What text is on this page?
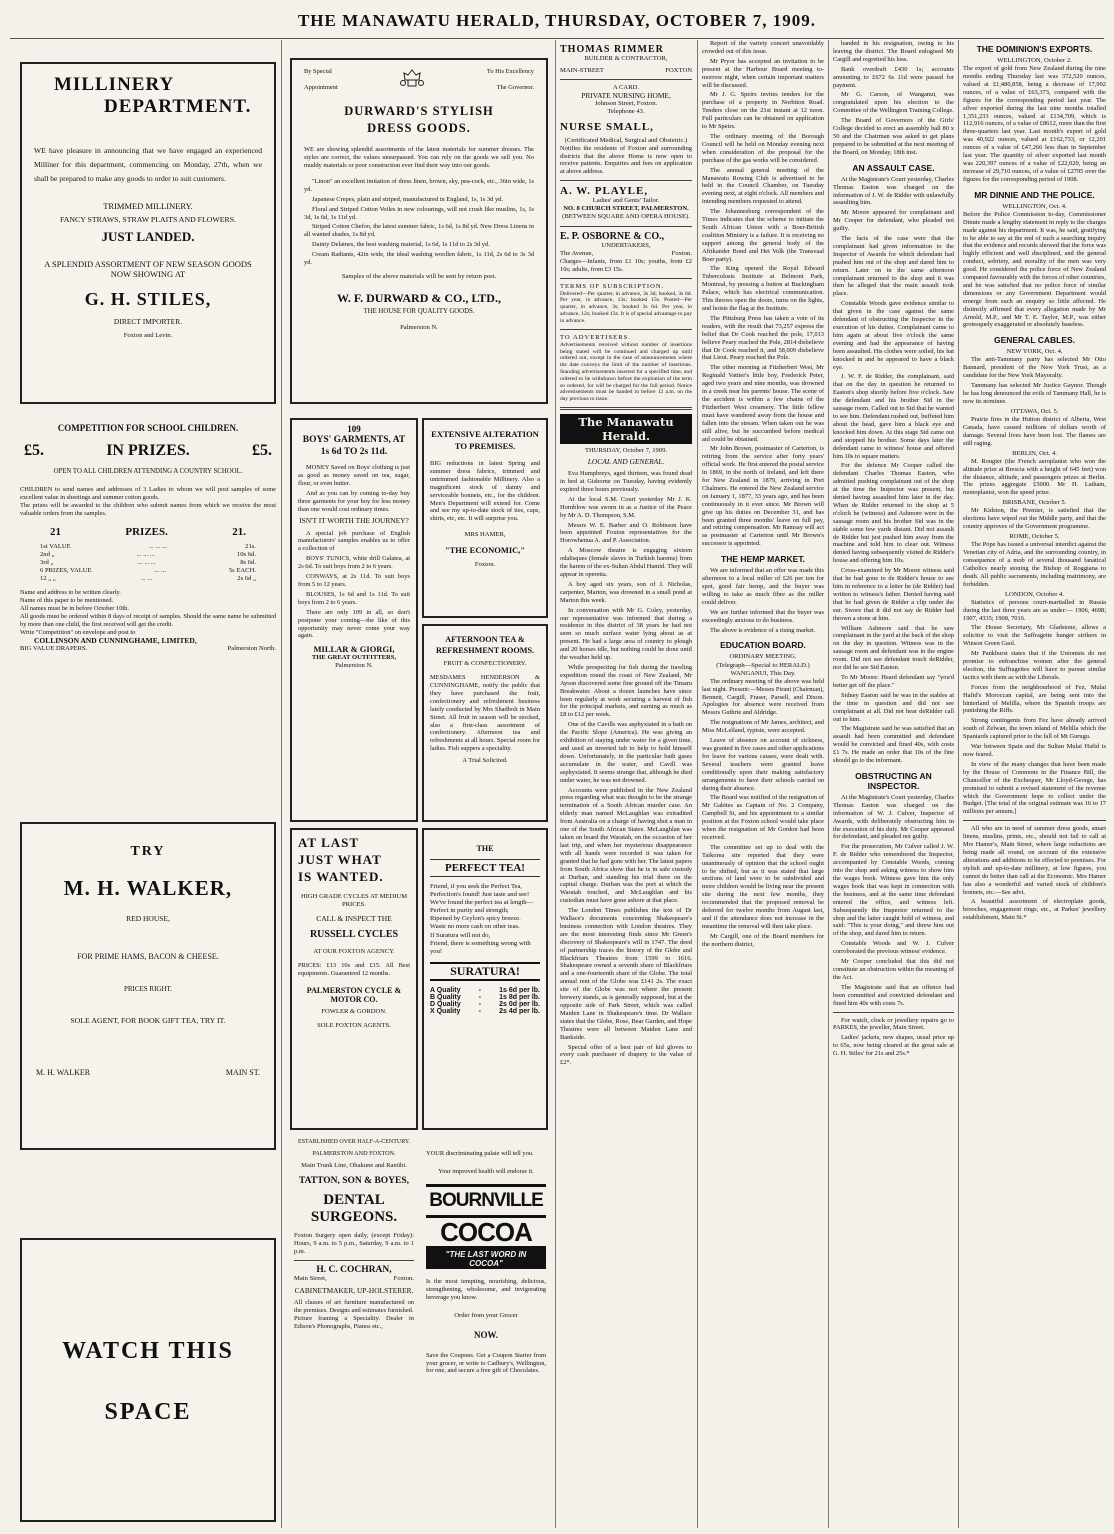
THE MANAWATU HERALD, THURSDAY, OCTOBER 7, 1909.
MILLINERY
DEPARTMENT.
WE have pleasure in announcing that we have engaged an experienced Milliner for this department, commencing on Monday, 27th, when we shall be prepared to make any goods to order to suit customers.
TRIMMED MILLINERY.
FANCY STRAWS, STRAW PLAITS AND FLOWERS.
JUST LANDED.
A SPLENDID ASSORTMENT OF NEW SEASON GOODS NOW SHOWING AT
G. H. STILES,
DIRECT IMPORTER.
Foxton and Levin.
COMPETITION FOR SCHOOL CHILDREN.
£5.	IN PRIZES.	£5.
OPEN TO ALL CHILDREN ATTENDING A COUNTRY SCHOOL.
CHILDREN to send names and addresses of 3 Ladies to whom we will post samples of some excellent value in sheetings and summer cotton goods.
The prizes will be awarded to the children who submit names from which we receive the most valuable orders from the samples.
21	PRIZES.	21.
1st VALUE	... ... ...	21s.
2nd „	... ... ...	10s 6d.
3rd „	... ... ...	8s 6d.
6 PRIZES, VALUE	... ...	5s EACH.
12 „ „	... ...	2s 6d „
Name and address to be written clearly.
Name of this paper to be mentioned.
All names must be in before October 10th.
All goods must be ordered within 8 days of receipt of samples. Should the same name be submitted by more than one child, the first received will get the credit.
Write "Competition" on envelope and post to
COLLINSON AND CUNNINGHAME, LIMITED,
BIG VALUE DRAPERS.	Palmerston North.
TRY
M. H. WALKER,
RED HOUSE,
FOR PRIME HAMS, BACON & CHEESE.
PRICES RIGHT.
SOLE AGENT, FOR BOOK GIFT TEA, TRY IT.
M. H. WALKER	MAIN ST.
WATCH THIS
SPACE
By Special
Appointment
To His Excellency
The Governor.
DURWARD'S STYLISH
DRESS GOODS.
WE are showing splendid assortments of the latest materials for summer dresses. The styles are correct, the values unsurpassed. You can rely on the goods we sell you. No muddy materials or poor construction ever find their way into our goods.

"Linon" an excellent imitation of dress linen, brown, sky, pea-cock, etc., 36in wide, 1s yd.

Japanese Crepes, plain and striped, manufactured in England, 1s, 1s 3d yd.

Floral and Striped Cotton Voiles in new colourings, will not crush like muslins, 1s, 1s 3d, 1s 6d, 1s 11d yd.

Striped Cotton Chefoo, the latest summer fabric, 1s 6d, 1s 8d yd. New Dress Linens in all wanted shades, 1s 8d yd.

Dainty Delaines, the best washing material, 1s 6d, 1s 11d to 2s 3d yd.

Cream Radiants, 42in wide, the ideal washing woollen fabric, 1s 11d, 2s 6d to 3s 3d yd.

Samples of the above materials will be sent by return post.
W. F. DURWARD & CO., LTD.,
THE HOUSE FOR QUALITY GOODS.
Palmerston N.
109
BOYS' GARMENTS, AT 1s 6d TO 2s 11d.

MONEY Saved on Boys' clothing is just as good as money saved on tea, sugar, flour, or even butter.

And as you can by coming to-day buy three garments for your boy for less money than one would cost ordinary times.

ISN'T IT WORTH THE JOURNEY?

A special job purchase of English manufacturers' samples enables us to offer a collection of

BOYS' TUNICS, white drill Galatea, at 2s 6d. To suit boys from 2 to 6 years.

CONWAYS, at 2s 11d. To suit boys from 5 to 12 years.

BLOUSES, 1s 6d and 1s 11d. To suit boys from 2 to 6 years.

There are only 109 in all, so don't postpone your coming—the like of this opportunity may never come your way again.

MILLAR & GIORGI,
THE GREAT OUTFITTERS,
Palmerston N.
EXTENSIVE ALTERATION TO PREMISES.
BIG reductions in latest Spring and summer dress fabrics, trimmed and untrimmed fashionable Millinery. Also a magnificent stock of dainty and serviceable bonnets, etc., for the children. Men's Department will extend for. Come and see my up-to-date stock of ties, caps, shirts, etc, etc. It will surprise you.
MRS HAMER,
"THE ECONOMIC,"
Foxton.
AFTERNOON TEA & REFRESHMENT ROOMS.
FRUIT & CONFECTIONERY.
MESDAMES HENDERSON & CUNNINGHAME, notify the public that they have purchased the fruit, confectionery and refreshment business lately conducted by Mrs Shadbolt in Main Street. All fruit in season will be stocked, also a first-class assortment of confectionery. Afternoon tea and refreshments at all hours. Special room for ladies. Fish suppers a speciality.
A Trial Solicited.
AT LAST
JUST WHAT
IS WANTED.
HIGH GRADE CYCLES AT MEDIUM PRICES.
CALL & INSPECT THE
RUSSELL CYCLES
AT OUR FOXTON AGENCY.
PRICES: £13 10s and £15. All Best equipments. Guaranteed 12 months.
PALMERSTON CYCLE & MOTOR CO.
FOWLER & GORDON.
SOLE FOXTON AGENTS.
THE
PERFECT TEA!
Friend, if you seek the Perfect Tea,
Perfection's found! Just taste and see!
We've found the perfect tea at length—
Perfect in purity and strength;
Ripened by Ceylon's spicy breeze.
Waste no more cash on other teas.
If Suratura will not do,
Friend, there is something wrong with you!
SURATURA!
A Quality	-	1s 6d per lb.
B Quality	-	1s 8d per lb.
D Quality	-	2s 0d per lb.
X Quality	-	2s 4d per lb.
ESTABLISHED OVER HALF-A-CENTURY.
PALMERSTON AND FOXTON.
Main Trunk Line, Ohakune and Raetihi.
TATTON, SON & BOYES,
DENTAL
SURGEONS.
Foxton Surgery open daily, (except Friday): Hours, 9 a.m. to 5 p.m., Saturday, 9 a.m. to 1 p.m.
H. C. COCHRAN,
Main Street,	Foxton.
CABINETMAKER, UP-HOLSTERER.
All classes of art furniture manufactured on the premises. Designs and estimates furnished.
Picture framing a Speciality. Dealer in Edison's Phonographs, Pianos etc.,
YOUR discriminating palate will tell you.
Your improved health will endorse it.
BOURNVILLE
COCOA
"THE LAST WORD IN COCOA"
Is the most tempting, nourishing, delicious, strengthening, wholesome, and invigorating beverage you know.
Order from your Grocer
NOW.
Save the Coupons. Get a Coupon Starter from your grocer, or write to Cadbury's, Wellington, for one, and secure a free gift of Chocolates.
THOMAS RIMMER
BUILDER & CONTRACTOR,
MAIN-STREET	FOXTON
A CARD.
PRIVATE NURSING HOME,
Johnson Street, Foxton.
Telephone 43.
NURSE SMALL,
(Certificated Medical, Surgical and Obstetric.)
Notifies the residents of Foxton and surrounding districts that the above Home is now open to receive patients. Enquiries and fees on application at above address.
A. W. PLAYLE,
Ladies' and Gents' Tailor.
NO. 8 CHURCH STREET, PALMERSTON.
(BETWEEN SQUARE AND OPERA HOUSE).
E. P. OSBORNE & CO.,
UNDERTAKERS,
The Avenue,	Foxton.
Charges—Infants, from £1 10s; youths, from £2 10s; adults, from £3 15s.
TERMS OF SUBSCRIPTION.
Delivered—Per quarter, in advance, 3s 3d; booked, 3s 6d. Per year, in advance, 13s; booked 15s. Posted—Per quarter, in advance, 3s; booked 3s 6d. Per year, in advance, 12s; booked 13s. It is of special advantage to pay in advance.
TO ADVERTISERS.
Advertisements received without number of insertions being stated will be continued and charged up until ordered out, except in the case of announcements where the date conveys the limit of the number of insertions. Standing advertisements inserted for a specified time, and ordered to be withdrawn before the expiration of the term so ordered, for will be charged for the full period. Notice advertisements must be handed in before 12 a.m. on the day previous to issue.
The Manawatu Herald.
THURSDAY, October 7, 1909.
LOCAL AND GENERAL.

Eva Humphreys, aged thirteen, was found dead in bed at Gisborne on Tuesday, having evidently expired three hours previously.

At the local S.M. Court yesterday Mr J. K. Hornblow was sworn in as a Justice of the Peace by Mr A. D. Thompson, S.M.

Messrs W. E. Barber and O. Robinson have been appointed Foxton representatives for the Horowhenua A. and P. Association.

A Moscow theatre is engaging sixteen odalisques (female slaves in Turkish harems) from the harem of the ex-Sultan Abdul Hamid. They will appear in operetta.

A boy aged six years, son of J. Nicholas, carpenter, Marton, was drowned in a small pond at Marton this week.

In conversation with Mr G. Coley, yesterday, our representative was informed that during a residence in this district of 38 years he had not seen so much surface water lying about as at present. He had a large area of country to plough and 20 horses idle, but nothing could be done until the weather held up.

While prospecting for fish during the trawling expedition round the coast of New Zealand, Mr Ayson discovered some fine ground off the Timaru Breakwater. About a dozen launches have since been regularly at work securing a harvest of fish for the principal markets, and earning as much as £8 to £12 per week.

One of the Cavills was asphyxiated in a bath on the Pacific Slope (America). He was giving an exhibition of staying under water for a given time, and used an inverted tub to help to hold himself down. Unfortunately, in the particular bath gases accumulate in the water, and Cavill was asphyxiated. It seems strange that, although he died under water, he was not drowned.

Accounts were published in the New Zealand press regarding what was thought to be the strange termination of a South African murder case. An elderly man named McLaughlan was extradited from Australia on a charge of having shot a man in one of the South African States. McLaughlan was taken on board the Waratah, on the occasion of her last trip, and when her mysterious disappearance with all hands were recorded it was taken for granted that he had gone with her. The latest papers from South Africa show that he is in safe custody at Durban, and standing his trial there on the capital charge. Durban was the port at which the Waratah touched, and McLaughlan and his custodian must have gone ashore at that place.

The London Times publishes the text of Dr Wallace's documents concerning Shakespeare's business connection with London theatres. They are the most interesting finds since Mr Green's discovery of Shakespeare's will in 1747. The deed of partnership traces the history of the Globe and Blackfriars Theatres from 1599 to 1616. Shakespeare owned a seventh share of Blackfriars and a one-fourteenth share of the Globe. The total annual rent of the Globe was £141 2s. The exact site of the Globe was not where the present brewery stands, as is generally supposed, but at the opposite side of Park Street, which was called Maiden Lane in Shakespeare's time. Dr Wallace states that the Globe, Rose, Bear Garden, and Hope Theatres were all between Maiden Lane and Bankside.

Special offer of a best pair of kid gloves to every cash purchaser of drapery to the value of £2*.

Report of the variety concert unavoidably crowded out of this issue.

Mr Pryor has accepted an invitation to be present at the Harbour Board meeting to-morrow night, when certain important matters will be discussed.

Mr J. G. Speirs invites tenders for the purchase of a property in Norbiton Road. Tenders close on the 21st instant at 12 noon. Full particulars can be obtained on application to Mr Speirs.

The ordinary meeting of the Borough Council will be held on Monday evening next when consideration of the proposal for the purchase of the gas works will be considered.

The annual general meeting of the Manawatu Rowing Club is advertised to be held in the Council Chamber, on Tuesday evening next, at eight o'clock. All members and intending members requested to attend.

The Johannesburg correspondent of the Times indicates that the scheme to initiate the South African Union with a Boer-British coalition Ministry is a failure. It is receiving no support among the general body of the Afrikander Bond and Het Volk (the Transvaal Boer party).

The King opened the Royal Edward Tuberculosis Institute at Belmont Park, Montreal, by pressing a button at Buckingham Palace, which has electrical communication. This throws open the doors, turns on the lights, and hoists the flag at the Institute.

The Pittsburg Press has taken a vote of its readers, with the result that 73,257 express the belief that Dr Cook reached the pole, 17,013 believe Peary reached the Pole, 2814 disbelieve that Dr Cook reached it, and 58,009 disbelieve that Lieut. Peary reached the Pole.

The other morning at Fitzherbert West, Mr Reginald Vattier's little boy, Frederick Peter, aged two years and nine months, was drowned in a creek near his parents' house. The scene of the accident is within a few chains of the Fitzherbert West creamery. The little fellow must have wandered away from the house and fallen into the stream. When taken out he was still alive, but he succumbed before medical aid could be obtained.

Mr John Brown, postmaster of Carterton, is retiring from the service after forty years' official work. He first entered the postal service in 1869, in the north of Ireland, and left there for New Zealand in 1879, arriving in Port Chalmers. He entered the New Zealand service on January 1, 1877, 33 years ago, and has been continuously in it ever since. Mr Brown will give up his duties on December 31, and has been granted three months' leave on full pay, and retiring compensation. Mr Ramsay will act as postmaster at Carterton until Mr Brown's successor is appointed.

THE HEMP MARKET.

We are informed that an offer was made this afternoon to a local miller of £26 per ton for spot, good fair hemp, and the buyer was willing to take as much fibre as the miller could deliver.

We are further informed that the buyer was exceedingly anxious to do business.

The above is evidence of a rising market.

EDUCATION BOARD.
ORDINARY MEETING.
(Telegraph—Special to HERALD.) WANGANUI, This Day.

The ordinary meeting of the above was held last night. Present:—Messrs Pirani (Chairman), Bennett, Cargill, Fraser, Parsell, and Dixon. Apologies for absence were received from Messrs Guthrie and Aldridge.

The resignations of Mr James, architect, and Miss McLelland, typiste, were accepted.

Leave of absence on account of sickness, was granted in five cases and other applications for leave for various causes, were dealt with. Several teachers were granted leave conditionally upon their making satisfactory arrangements to have their schools carried on during their absence.

The Board was notified of the resignation of Mr Gabites as Captain of No. 2 Company, Campbell St, and his appointment to a similar position at the Foxton school would take place when the resignation of Mr Gordon had been received.

The committee set up to deal with the Taikorea site reported that they were unanimously of opinion that the school ought to be shifted, but as it was stated that large sections of land were to be subdivided and more children would be living near the present site during the next few months, they recommended that the proposed removal be deferred for twelve months from August last, and if the attendance does not increase in the meantime the removal will then take place.

Mr Cargill, one of the Board members for the northern district,

handed in his resignation, owing to his leaving the district. The Board eulogised Mr Cargill and regretted his loss.

Bank overdraft £430 1s; accounts amounting to £672 6s 11d were passed for payment.

Mr G. Carson, of Wanganui, was congratulated upon his election to the Committee of the Wellington Training College.

The Board of Governors of the Girls' College decided to erect an assembly hall 80 x 50 and the Chairman was asked to get plans prepared to be submitted at the next meeting of the Board, on Monday, 18th inst.

AN ASSAULT CASE.

At the Magistrate's Court yesterday, Charles Thomas Easton was charged on the information of J. W. de Ridder with unlawfully assaulting him.

Mr Moore appeared for complainant and Mr Cooper for defendant, who pleaded not guilty.

The facts of the case were that the complainant had given information to the Inspector of Awards for which defendant had pushed him out of the shop and dared him to return. Later on in the same afternoon complainant returned to the shop and it was then he alleged that the main assault took place.

Constable Woods gave evidence similar to that given in the case against the same defendant of obstructing the Inspector in the execution of his duties. Complainant came to him again at about five o'clock the same evening and had the appearance of having been assaulted. His clothes were soiled, his hat knocked in and he appeared to have a black eye.

J. W. F. de Ridder, the complainant, said that on the day in question he returned to Easton's shop shortly before five o'clock. Saw the defendant and his brother Sid in the sausage room. Called out to Sid that he wanted to see him. Defendant rushed out, buffeted him about the head, gave him a black eye and knocked him down. At this stage Sid came out and stopped his brother. Some days later the defendant came to witness' house and offered him 10s to square matters.

For the defence Mr Cooper called the defendant Charles Thomas Easton, who admitted pushing complainant out of the shop at the time the Inspector was present, but denied having assaulted him later in the day. When de Ridder returned to the shop at 5 o'clock he (witness) and Ashmore were in the sausage room and his brother Sid was in the stable some few yards distant. Did not assault de Ridder but just pushed him away from the machine and told him to clear out. Witness denied having subsequently visited de Ridder's house and offering him 10s.

Cross-examined by Mr Moore witness said that he had gone to de Ridder's house to see him in reference to a letter he (de Ridder) had written to witness's father. Denied having said that he had given de Ridder a clip under the ear. Swore that it did not say de Ridder had thrown a stone at him.

William Ashmore said that he saw complainant in the yard at the back of the shop on the day in question. Witness was in the sausage room and defendant was in the engine room. Did not see defendant touch deRidder, nor did he see Sid Easton.

To Mr Moore: Heard defendant say "you'd better get off the place."

Sidney Easton said he was in the stables at the time in question and did not see complainant at all. Did not hear deRidder call out to him.

The Magistrate said he was satisfied that an assault had been committed and defendant would be convicted and fined 40s, with costs £1 7s. He made an order that 10s of the fine should go to the informant.

OBSTRUCTING AN INSPECTOR.

At the Magistrate's Court yesterday, Charles Thomas Easton was charged on the information of W. J. Culver, Inspector of Awards, with deliberately obstructing him in the execution of his duty. Mr Cooper appeared for defendant, and pleaded not guilty.

For the prosecution, Mr Culver called J. W. F. de Ridder who remembered the Inspector, accompanied by Constable Woods, coming into the shop and asking witness to show him the wages book. Witness gave him the only wages book that was kept in connection with the business, and at the same time defendant entered the office, and witness left. Subsequently the Inspector returned to the shop and the latter caught hold of witness, and said: "This is your doing," and threw him out of the shop, and dared him to return.

Constable Woods and W. J. Culver corroborated the previous witness' evidence.

Mr Cooper concluded that this did not constitute an obstruction within the meaning of the Act.

The Magistrate said that an offence had been committed and convicted defendant and fined him 40s with costs 7s.

For watch, clock or jewellery repairs go to PARKES, the jeweller, Main Street.

Ladies' jackets, new shapes, usual price up to 65s, now being cleared at the great sale at G. H. Stiles' for 21s and 25s.*

THE DOMINION'S EXPORTS.
WELLINGTON, October 2.
The export of gold from New Zealand during the nine months ending Thursday last was 372,520 ounces, valued at £1,480,858, being a decrease of 17,992 ounces, of a value of £63,373, compared with the figures for the corresponding period last year. The silver exported during the last nine months totalled 1,351,233 ounces, valued at £134,709, which is 112,916 ounces, of a value of £8612, more than the first three-quarters last year. Last month's export of gold was 40,922 ounces, valued at £162,733, or 12,201 ounces of a value of £47,266 less than in September last year. The quantity of silver exported last month was 220,397 ounces of a value of £22,020, being an increase of 29,710 ounces, of a value of £2795 over the figures for the corresponding period of 1908.
MR DINNIE AND THE POLICE.
WELLINGTON, Oct. 4.
Before the Police Commission to-day, Commissioner Dinnie made a lengthy statement in reply to the charges made against his department. It was, he said, gratifying to be able to say at the end of such a searching inquiry that the evidence and records showed that the force was highly efficient and well disciplined, and the general conduct, sobriety, and morality of the men was very good. He considered the police force of New Zealand compared favourably with the forces of other countries, and he was satisfied that no police force of similar dimensions or any Government Department would emerge from such an enquiry so little affected. He distinctly affirmed that every allegation made by Mr Arnold, M.P., and Mr T. E. Taylor, M.P., was either grotesquely exaggerated or absolutely baseless.
GENERAL CABLES.
NEW YORK, Oct. 4.

The anti-Tammany party has selected Mr Otto Bannard, president of the New York Trust, as a candidate for the New York Mayoralty.

Tammany has selected Mr Justice Gaynor. Though he has long denounced the evils of Tammany Hall, he is now its nominee.

OTTAWA, Oct. 5.

Prairie fires in the Hutton district of Alberta, West Canada, have caused millions of dollars worth of damage. Several lives have been lost. The flames are still raging.

BERLIN, Oct. 4.

M. Rougier (the French aeroplanist who won the altitude prize at Brescia with a height of 645 feet) won the distance, altitude, and passengers prizes at Berlin. The prizes aggregate £5000. Mr H. Latham, monoplanist, won the speed prize.

BRISBANE, October 5.

Mr Kidston, the Premier, is satisfied that the elections have wiped out the Middle party, and that the country approves of the Government programme.

ROME, October 5.

The Pope has issued a universal interdict against the Venetian city of Adria, and the surrounding country, in consequence of a mob of several thousand fanatical Catholics nearly stoning the Bishop of Roggiana to death. All public sacraments, including matrimony, are forbidden.

LONDON, October 4.

Statistics of persons court-martialled in Russia during the last three years are as under:— 1906, 4698; 1907, 4335; 1908, 7016.

The House Secretary, Mr Gladstone, allows a solicitor to visit the Suffragette hunger strikers in Winson Green Gaol.

Mr Pankhurst states that if the Unionists do not promise to enfranchise women after the general election, the Suffragettes will have to pursue similar tactics with them as with the Liberals.

Forces from the neighbourhood of Fez, Mulai Hafid's Moroccan capital, are being sent into the hinterland of Melilla, where the Spanish troops are punishing the Riffs.

Strong contingents from Fez have already arrived south of Zelwan, the town inland of Melilla which the Spaniards captured prior to the fall of Mt Gurugu.

War between Spain and the Sultan Mulai Hafid is now feared.

In view of the many changes that have been made by the House of Commons in the Finance Bill, the Chancellor of the Exchequer, Mr Lloyd-George, has promised to submit a revised statement of the revenue which the Government hope to collect under the Budget. [The total of the original estimate was 16 to 17 millions per annum.]

All who are in need of summer dress goods, smart linens, muslins, prints, etc., should not fail to call at Mrs Hamer's, Main Street, where large reductions are being made all round, on account of the extensive alterations and additions to be effected to premises. For stylish and up-to-date millinery, at low figures, you cannot do better than call at the Economic. Mrs Hamer has also a wonderful and varied stock of children's bonnets, etc.—See advt.

A beautiful assortment of electroplate goods, brooches, engagement rings, etc., at Parkes' jewellery establishment, Main St.*
